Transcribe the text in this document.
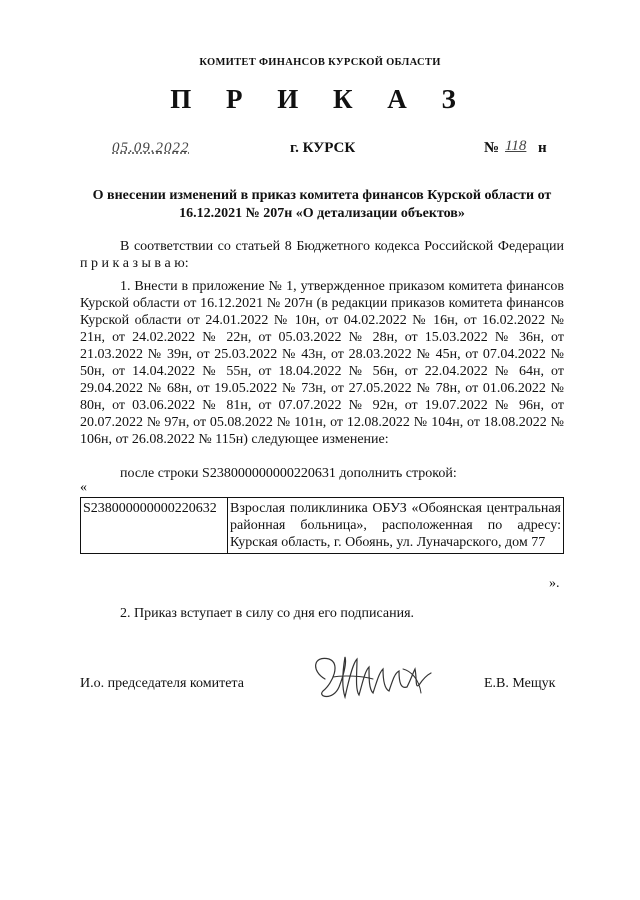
КОМИТЕТ ФИНАНСОВ КУРСКОЙ ОБЛАСТИ
П Р И К А З
05.09.2022	г. КУРСК	№ 118 н
О внесении изменений в приказ комитета финансов Курской области от 16.12.2021 № 207н «О детализации объектов»
В соответствии со статьей 8 Бюджетного кодекса Российской Федерации п р и к а з ы в а ю:
1. Внести в приложение № 1, утвержденное приказом комитета финансов Курской области от 16.12.2021 № 207н (в редакции приказов комитета финансов Курской области от 24.01.2022 № 10н, от 04.02.2022 № 16н, от 16.02.2022 № 21н, от 24.02.2022 № 22н, от 05.03.2022 № 28н, от 15.03.2022 № 36н, от 21.03.2022 № 39н, от 25.03.2022 № 43н, от 28.03.2022 № 45н, от 07.04.2022 № 50н, от 14.04.2022 № 55н, от 18.04.2022 № 56н, от 22.04.2022 № 64н, от 29.04.2022 № 68н, от 19.05.2022 № 73н, от 27.05.2022 № 78н, от 01.06.2022 № 80н, от 03.06.2022 № 81н, от 07.07.2022 № 92н, от 19.07.2022 № 96н, от 20.07.2022 № 97н, от 05.08.2022 № 101н, от 12.08.2022 № 104н, от 18.08.2022 № 106н, от 26.08.2022 № 115н) следующее изменение:
после строки S238000000000220631 дополнить строкой:
«
S238000000000220632	Взрослая поликлиника ОБУЗ «Обоянская центральная районная больница», расположенная по адресу: Курская область, г. Обоянь, ул. Луначарского, дом 77
».
2. Приказ вступает в силу со дня его подписания.
И.о. председателя комитета	Е.В. Мещук
